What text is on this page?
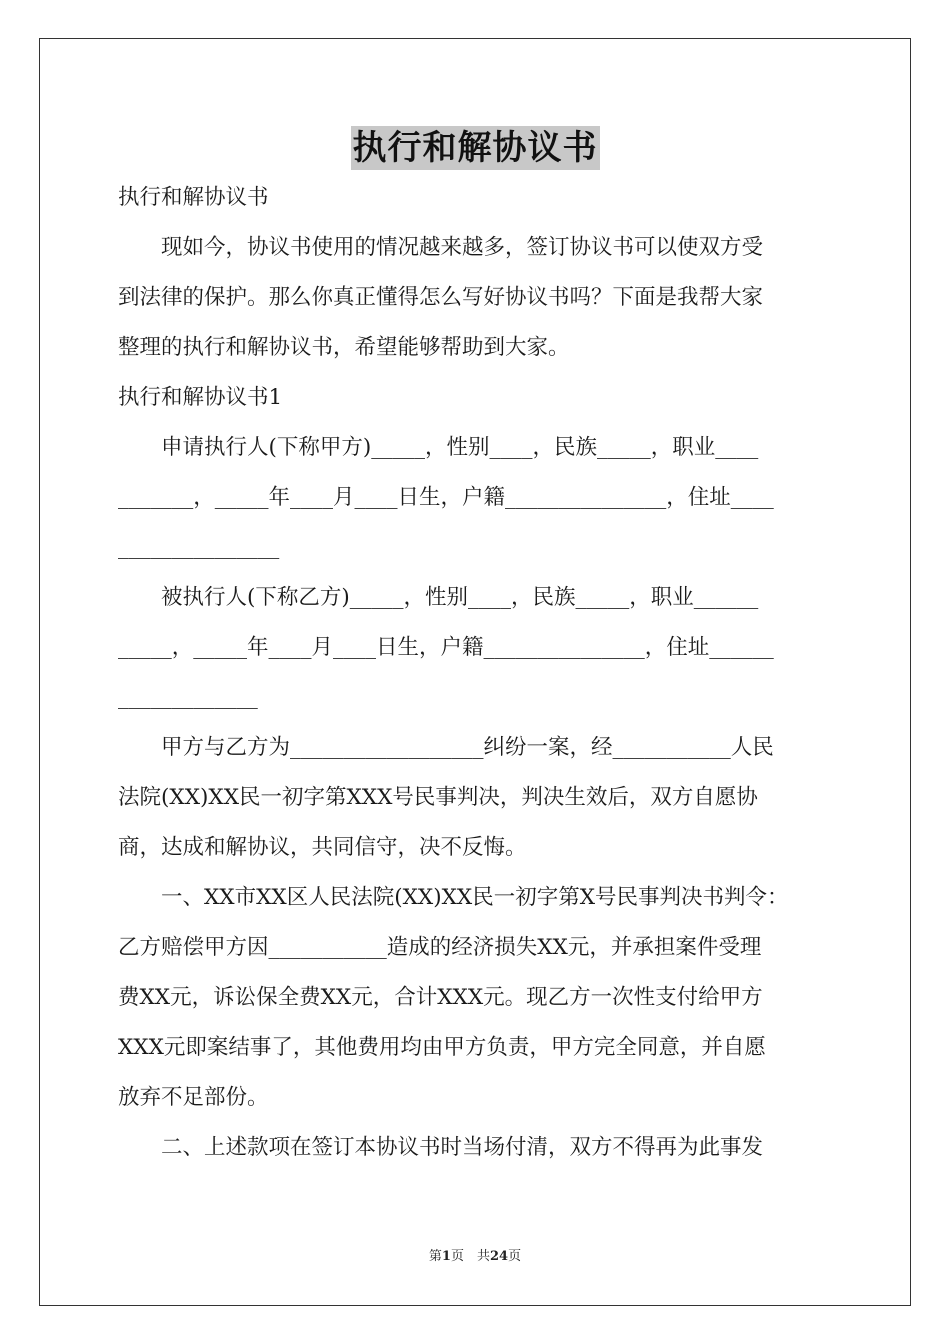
执行和解协议书
执行和解协议书
　　现如今，协议书使用的情况越来越多，签订协议书可以使双方受
到法律的保护。那么你真正懂得怎么写好协议书吗？下面是我帮大家
整理的执行和解协议书，希望能够帮助到大家。
执行和解协议书1
　　申请执行人(下称甲方)_____，性别____，民族_____，职业____
_______，_____年____月____日生，户籍_______________，住址____
_______________
　　被执行人(下称乙方)_____，性别____，民族_____，职业______
_____，_____年____月____日生，户籍_______________，住址______
_____________
　　甲方与乙方为__________________纠纷一案，经___________人民
法院(XX)XX民一初字第XXX号民事判决，判决生效后，双方自愿协
商，达成和解协议，共同信守，决不反悔。
　　一、XX市XX区人民法院(XX)XX民一初字第X号民事判决书判令：
乙方赔偿甲方因___________造成的经济损失XX元，并承担案件受理
费XX元，诉讼保全费XX元，合计XXX元。现乙方一次性支付给甲方
XXX元即案结事了，其他费用均由甲方负责，甲方完全同意，并自愿
放弃不足部份。
　　二、上述款项在签订本协议书时当场付清，双方不得再为此事发
第1页　共24页
